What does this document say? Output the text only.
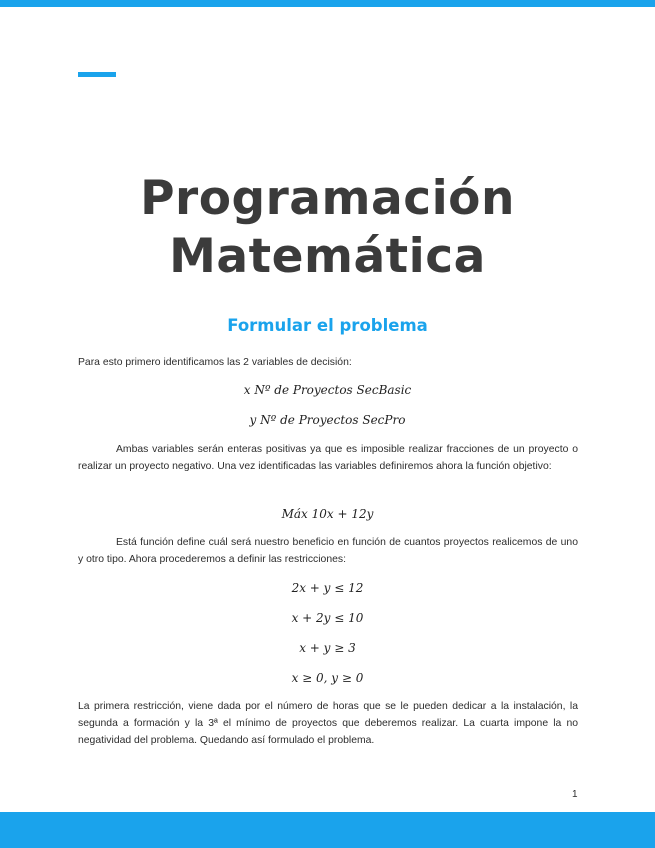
Programación
Matemática
Formular el problema

Para esto primero identificamos las 2 variables de decisión:

x Nº de Proyectos SecBasic
y Nº de Proyectos SecPro

Ambas variables serán enteras positivas ya que es imposible realizar fracciones de un proyecto o realizar un proyecto negativo. Una vez identificadas las variables definiremos ahora la función objetivo:

Máx 10x + 12y

Está función define cuál será nuestro beneficio en función de cuantos proyectos realicemos de uno y otro tipo. Ahora procederemos a definir las restricciones:

2x + y ≤ 12
x + 2y ≤ 10
x + y ≥ 3
x ≥ 0, y ≥ 0

La primera restricción, viene dada por el número de horas que se le pueden dedicar a la instalación, la segunda a formación y la 3ª el mínimo de proyectos que deberemos realizar. La cuarta impone la no negatividad del problema. Quedando así formulado el problema.

1
